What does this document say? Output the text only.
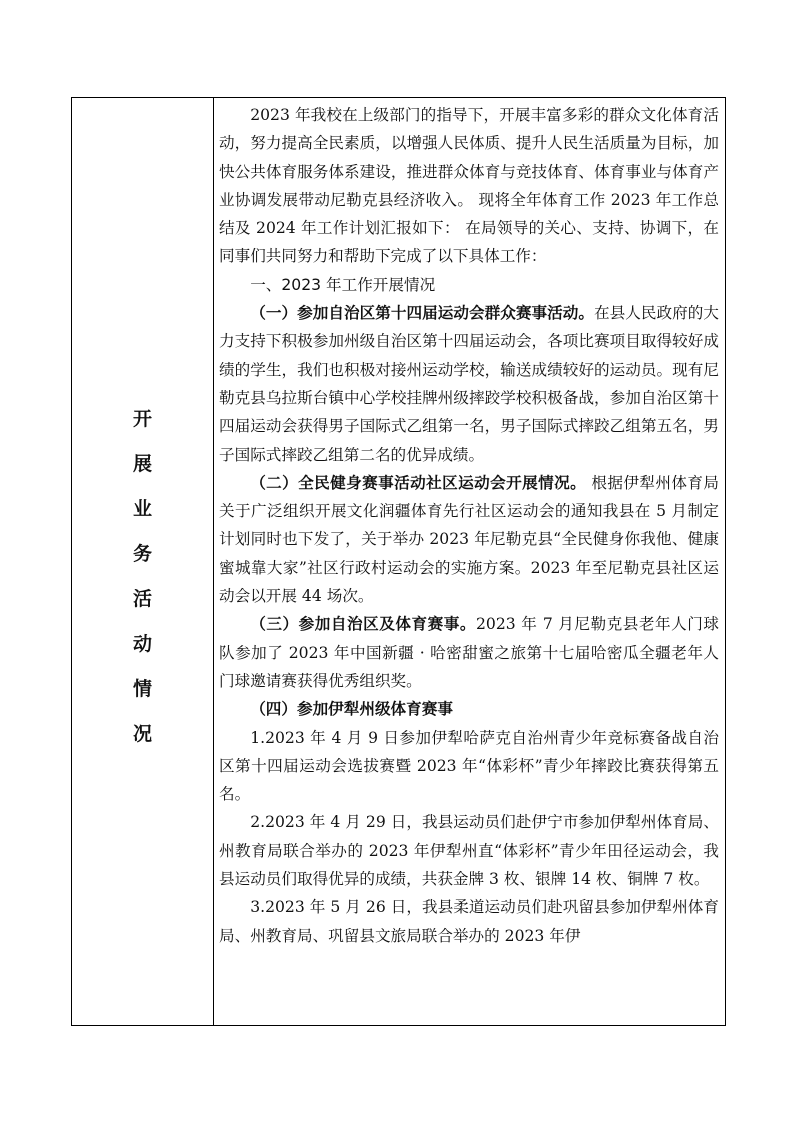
开
展
业
务
活
动
情
况

2023 年我校在上级部门的指导下，开展丰富多彩的群众文化体育活动，努力提高全民素质，以增强人民体质、提升人民生活质量为目标，加快公共体育服务体系建设，推进群众体育与竞技体育、体育事业与体育产业协调发展带动尼勒克县经济收入。 现将全年体育工作 2023 年工作总结及 2024 年工作计划汇报如下： 在局领导的关心、支持、协调下，在同事们共同努力和帮助下完成了以下具体工作：

一、2023 年工作开展情况

（一）参加自治区第十四届运动会群众赛事活动。在县人民政府的大力支持下积极参加州级自治区第十四届运动会，各项比赛项目取得较好成绩的学生，我们也积极对接州运动学校，输送成绩较好的运动员。现有尼勒克县乌拉斯台镇中心学校挂牌州级摔跤学校积极备战，参加自治区第十四届运动会获得男子国际式乙组第一名，男子国际式摔跤乙组第五名，男子国际式摔跤乙组第二名的优异成绩。

（二）全民健身赛事活动社区运动会开展情况。 根据伊犁州体育局关于广泛组织开展文化润疆体育先行社区运动会的通知我县在 5 月制定计划同时也下发了，关于举办 2023 年尼勒克县“全民健身你我他、健康蜜城靠大家”社区行政村运动会的实施方案。2023 年至尼勒克县社区运动会以开展 44 场次。

（三）参加自治区及体育赛事。2023 年 7 月尼勒克县老年人门球队参加了 2023 年中国新疆 · 哈密甜蜜之旅第十七届哈密瓜全疆老年人门球邀请赛获得优秀组织奖。

（四）参加伊犁州级体育赛事

1.2023 年 4 月 9 日参加伊犁哈萨克自治州青少年竞标赛备战自治区第十四届运动会选拔赛暨 2023 年“体彩杯”青少年摔跤比赛获得第五名。

2.2023 年 4 月 29 日，我县运动员们赴伊宁市参加伊犁州体育局、州教育局联合举办的 2023 年伊犁州直“体彩杯”青少年田径运动会，我县运动员们取得优异的成绩，共获金牌 3 枚、银牌 14 枚、铜牌 7 枚。

3.2023 年 5 月 26 日，我县柔道运动员们赴巩留县参加伊犁州体育局、州教育局、巩留县文旅局联合举办的 2023 年伊
